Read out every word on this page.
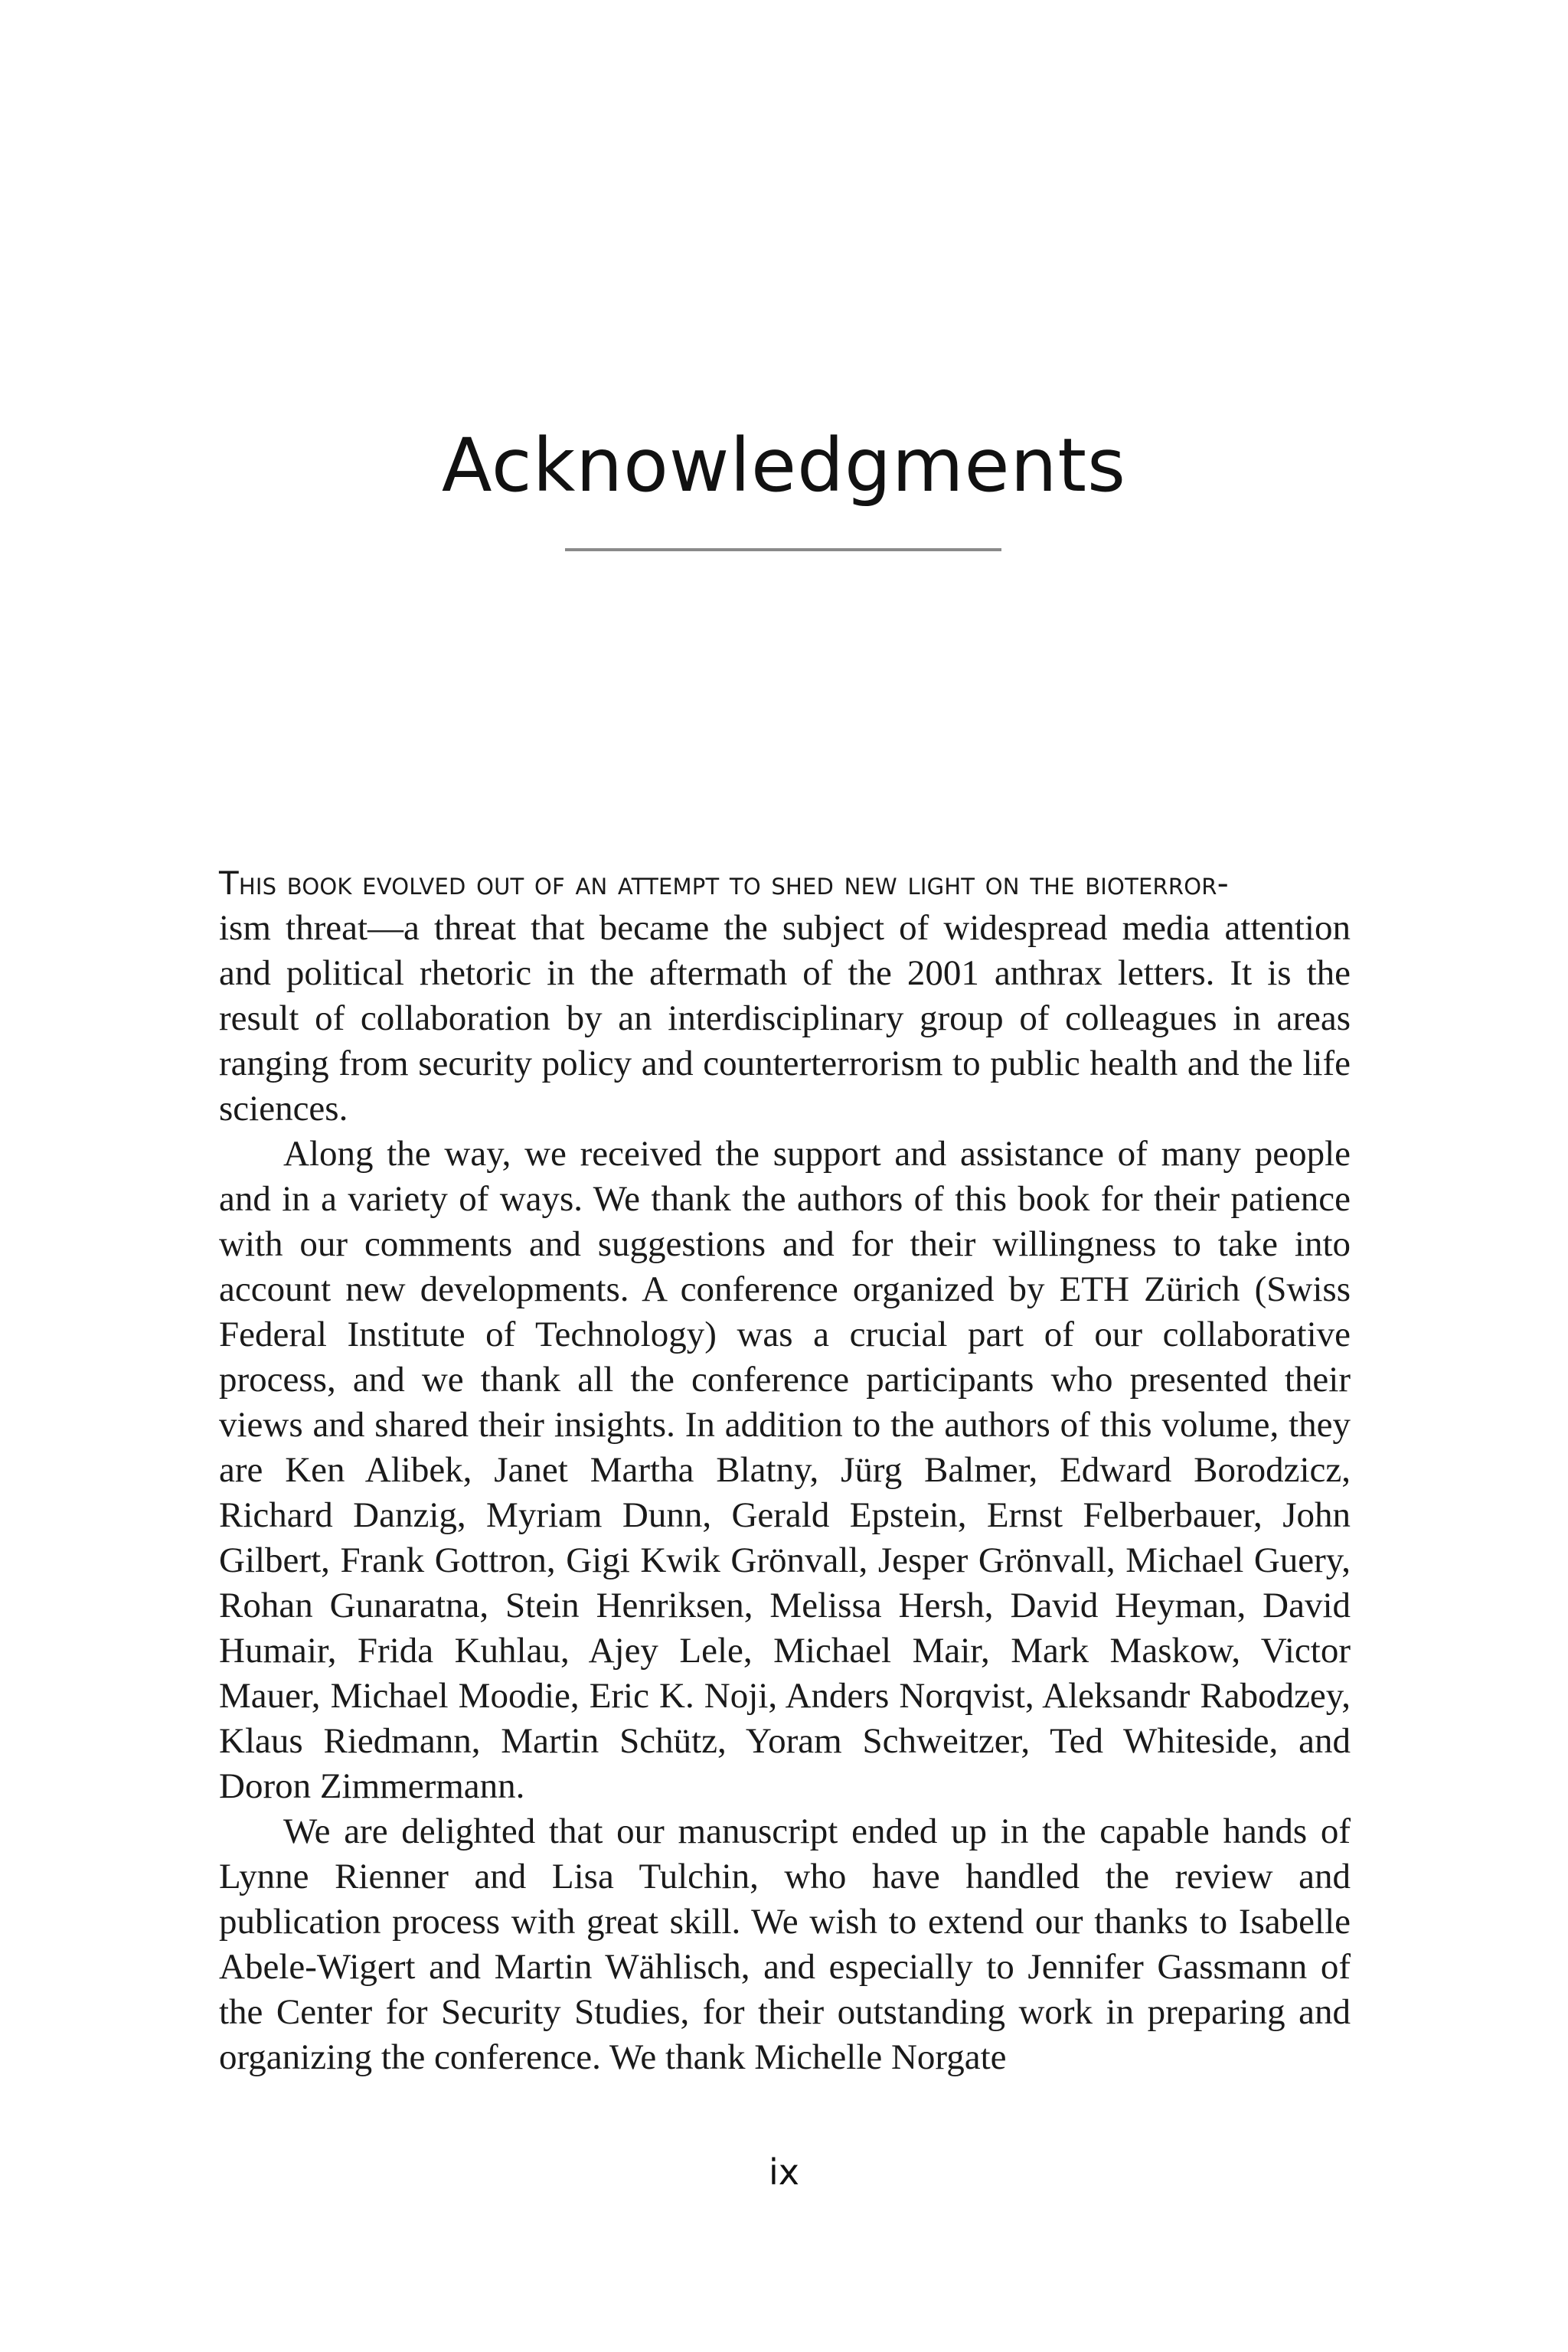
Acknowledgments

This book evolved out of an attempt to shed new light on the bioterror-
ism threat—a threat that became the subject of widespread media attention and political rhetoric in the aftermath of the 2001 anthrax letters. It is the result of collaboration by an interdisciplinary group of colleagues in areas ranging from security policy and counterterrorism to public health and the life sciences.

Along the way, we received the support and assistance of many people and in a variety of ways. We thank the authors of this book for their patience with our comments and suggestions and for their willingness to take into account new developments. A conference organized by ETH Zürich (Swiss Federal Institute of Technology) was a crucial part of our collaborative process, and we thank all the conference participants who presented their views and shared their insights. In addition to the authors of this volume, they are Ken Alibek, Janet Martha Blatny, Jürg Balmer, Edward Borodzicz, Richard Danzig, Myriam Dunn, Gerald Epstein, Ernst Felberbauer, John Gilbert, Frank Gottron, Gigi Kwik Grönvall, Jesper Grönvall, Michael Guery, Rohan Gunaratna, Stein Henriksen, Melissa Hersh, David Heyman, David Humair, Frida Kuhlau, Ajey Lele, Michael Mair, Mark Maskow, Victor Mauer, Michael Moodie, Eric K. Noji, Anders Norqvist, Aleksandr Rabodzey, Klaus Riedmann, Martin Schütz, Yoram Schweitzer, Ted Whiteside, and Doron Zimmermann.

We are delighted that our manuscript ended up in the capable hands of Lynne Rienner and Lisa Tulchin, who have handled the review and publication process with great skill. We wish to extend our thanks to Isabelle Abele-Wigert and Martin Wählisch, and especially to Jennifer Gassmann of the Center for Security Studies, for their outstanding work in preparing and organizing the conference. We thank Michelle Norgate

ix
